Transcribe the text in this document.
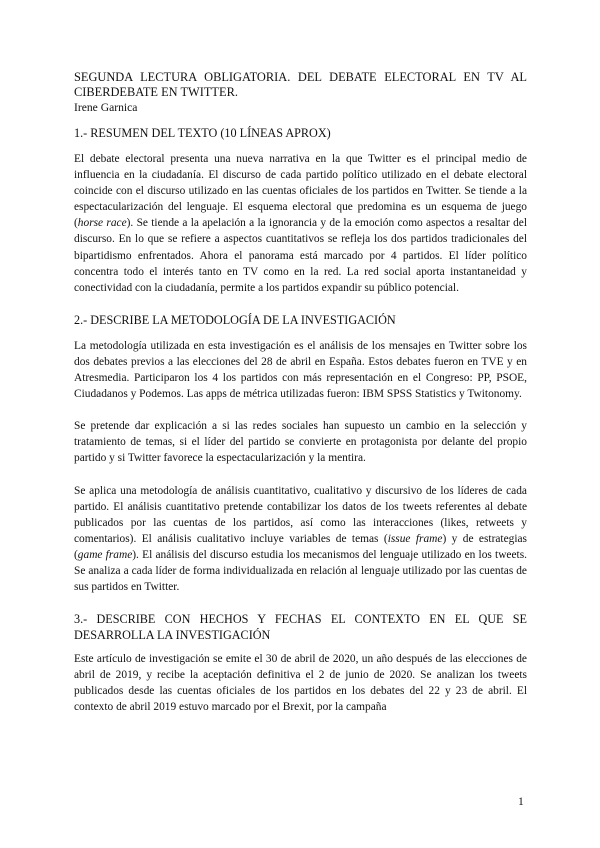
SEGUNDA LECTURA OBLIGATORIA. DEL DEBATE ELECTORAL EN TV AL CIBERDEBATE EN TWITTER.

Irene Garnica

1.- RESUMEN DEL TEXTO (10 LÍNEAS APROX)

El debate electoral presenta una nueva narrativa en la que Twitter es el principal medio de influencia en la ciudadanía. El discurso de cada partido político utilizado en el debate electoral coincide con el discurso utilizado en las cuentas oficiales de los partidos en Twitter. Se tiende a la espectacularización del lenguaje. El esquema electoral que predomina es un esquema de juego (horse race). Se tiende a la apelación a la ignorancia y de la emoción como aspectos a resaltar del discurso. En lo que se refiere a aspectos cuantitativos se refleja los dos partidos tradicionales del bipartidismo enfrentados. Ahora el panorama está marcado por 4 partidos. El líder político concentra todo el interés tanto en TV como en la red. La red social aporta instantaneidad y conectividad con la ciudadanía, permite a los partidos expandir su público potencial.

2.- DESCRIBE LA METODOLOGÍA DE LA INVESTIGACIÓN

La metodología utilizada en esta investigación es el análisis de los mensajes en Twitter sobre los dos debates previos a las elecciones del 28 de abril en España. Estos debates fueron en TVE y en Atresmedia. Participaron los 4 los partidos con más representación en el Congreso: PP, PSOE, Ciudadanos y Podemos. Las apps de métrica utilizadas fueron: IBM SPSS Statistics y Twitonomy.

Se pretende dar explicación a si las redes sociales han supuesto un cambio en la selección y tratamiento de temas, si el líder del partido se convierte en protagonista por delante del propio partido y si Twitter favorece la espectacularización y la mentira.

Se aplica una metodología de análisis cuantitativo, cualitativo y discursivo de los líderes de cada partido. El análisis cuantitativo pretende contabilizar los datos de los tweets referentes al debate publicados por las cuentas de los partidos, así como las interacciones (likes, retweets y comentarios). El análisis cualitativo incluye variables de temas (issue frame) y de estrategias (game frame). El análisis del discurso estudia los mecanismos del lenguaje utilizado en los tweets. Se analiza a cada líder de forma individualizada en relación al lenguaje utilizado por las cuentas de sus partidos en Twitter.

3.- DESCRIBE CON HECHOS Y FECHAS EL CONTEXTO EN EL QUE SE DESARROLLA LA INVESTIGACIÓN

Este artículo de investigación se emite el 30 de abril de 2020, un año después de las elecciones de abril de 2019, y recibe la aceptación definitiva el 2 de junio de 2020. Se analizan los tweets publicados desde las cuentas oficiales de los partidos en los debates del 22 y 23 de abril. El contexto de abril 2019 estuvo marcado por el Brexit, por la campaña

1
